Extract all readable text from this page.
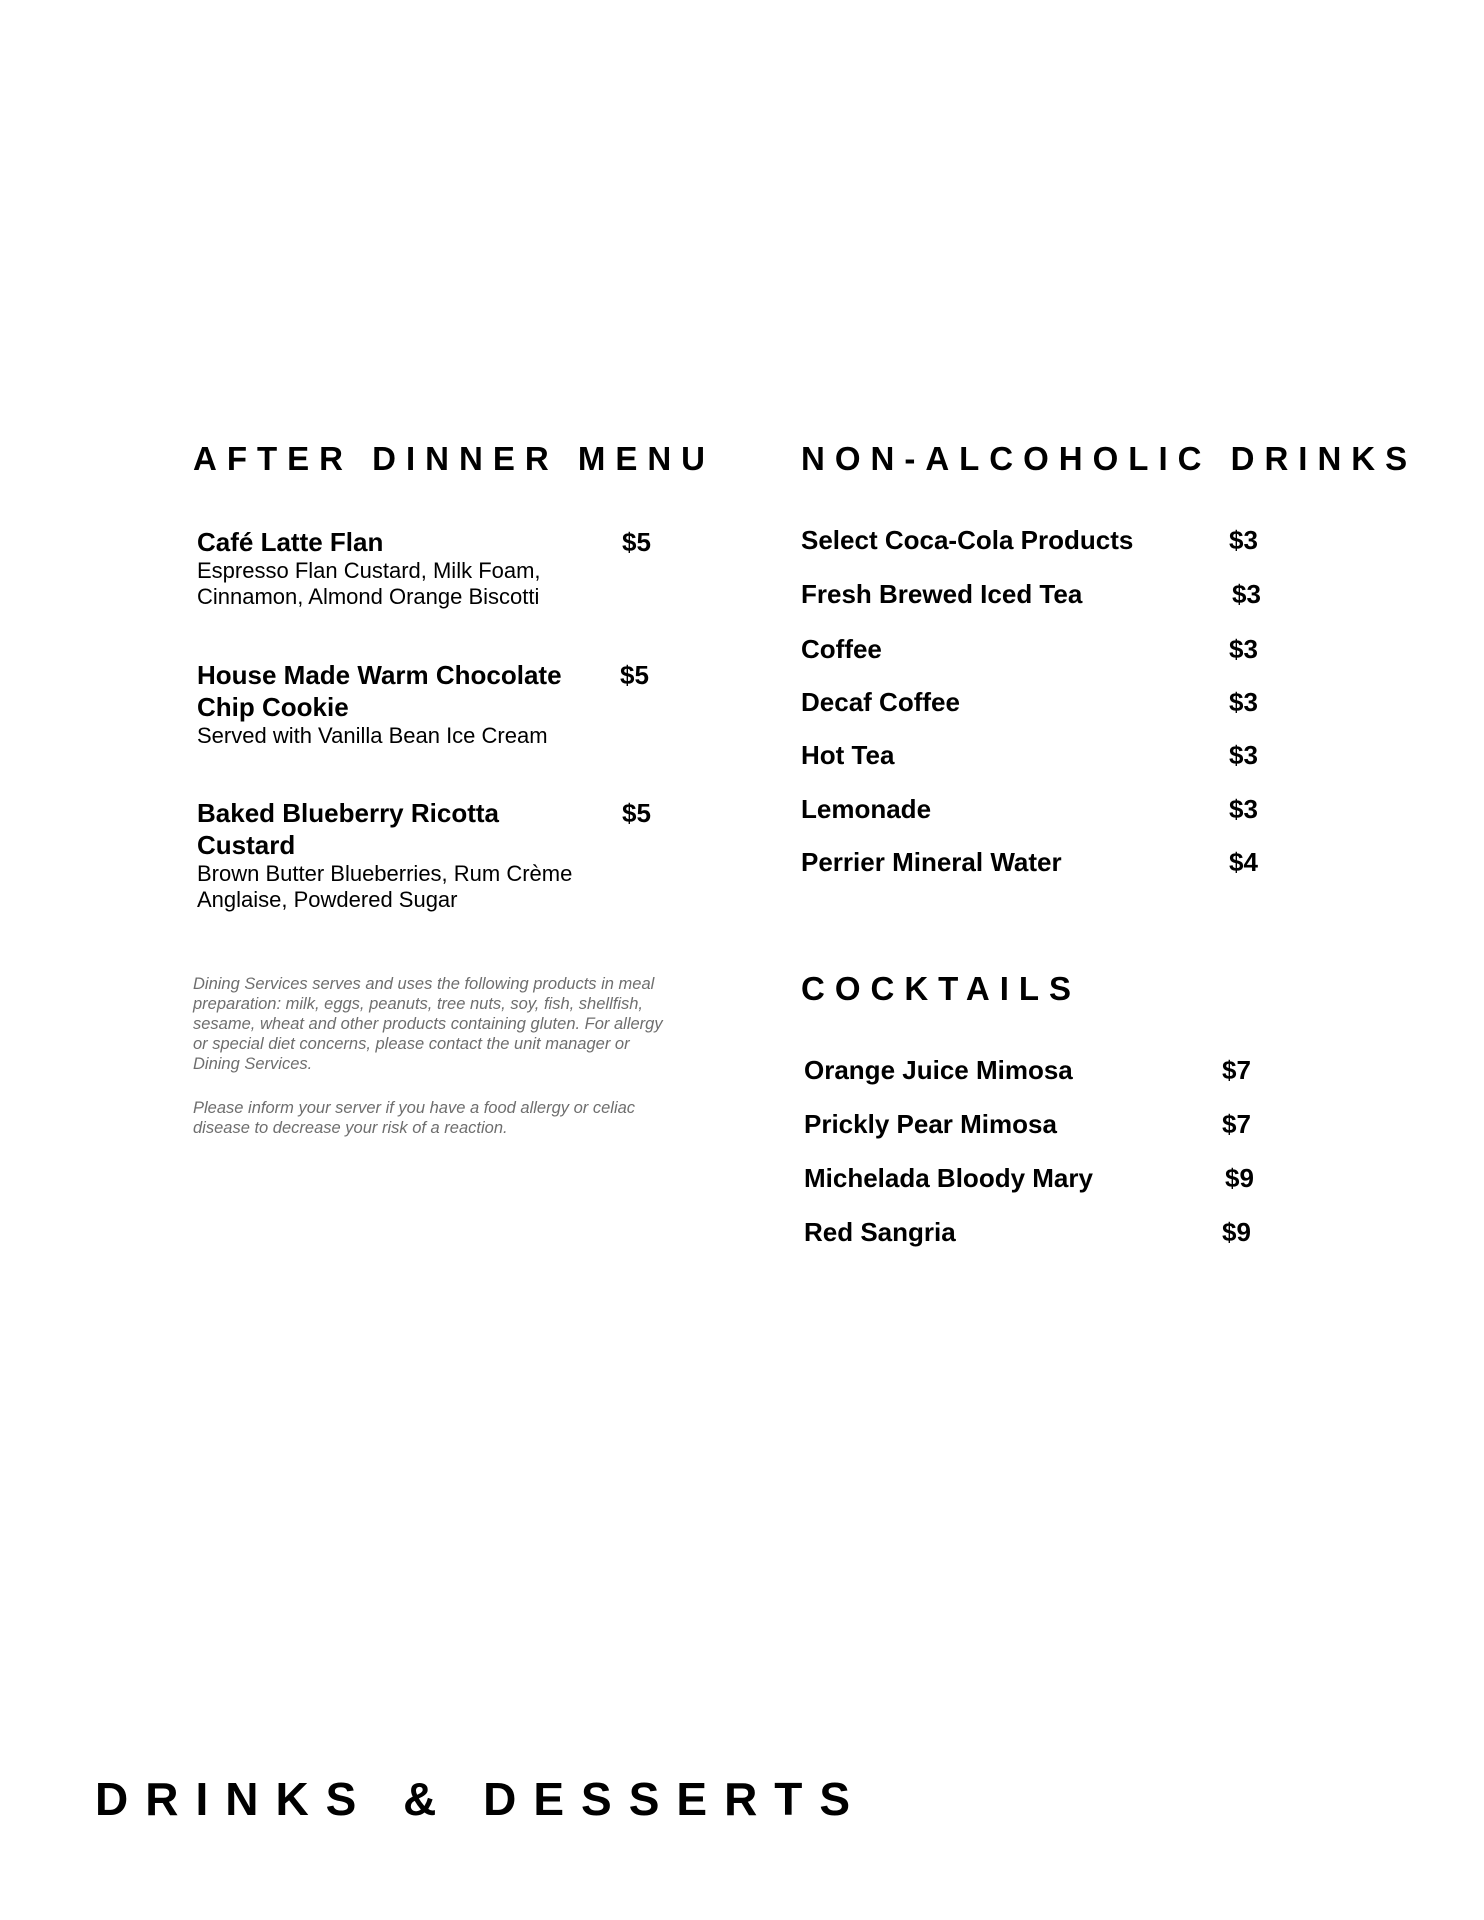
AFTER DINNER MENU
Café Latte Flan	$5
Espresso Flan Custard, Milk Foam, Cinnamon, Almond Orange Biscotti
House Made Warm Chocolate Chip Cookie
$5
Served with Vanilla Bean Ice Cream
Baked Blueberry Ricotta Custard
$5
Brown Butter Blueberries, Rum Crème Anglaise, Powdered Sugar
Dining Services serves and uses the following products in meal preparation: milk, eggs, peanuts, tree nuts, soy, fish, shellfish, sesame, wheat and other products containing gluten. For allergy or special diet concerns, please contact the unit manager or Dining Services.
Please inform your server if you have a food allergy or celiac disease to decrease your risk of a reaction.
NON-ALCOHOLIC DRINKS
Select Coca-Cola Products	$3
Fresh Brewed Iced Tea	$3
Coffee	$3
Decaf Coffee	$3
Hot Tea	$3
Lemonade	$3
Perrier Mineral Water	$4
COCKTAILS
Orange Juice Mimosa	$7
Prickly Pear Mimosa	$7
Michelada Bloody Mary	$9
Red Sangria	$9
DRINKS & DESSERTS
